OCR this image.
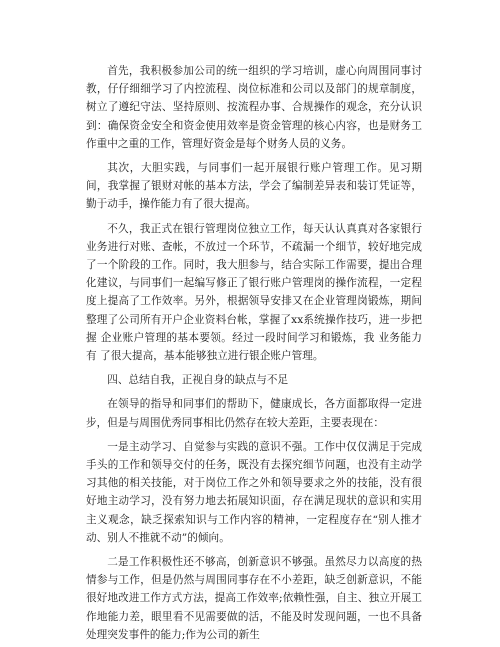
首先，我积极参加公司的统一组织的学习培训，虚心向周围同事讨教，仔仔细细学习了内控流程、岗位标准和公司以及部门的规章制度，树立了遵纪守法、坚持原则、按流程办事、合规操作的观念，充分认识到：确保资金安全和资金使用效率是资金管理的核心内容，也是财务工作重中之重的工作，管理好资金是每个财务人员的义务。

其次，大胆实践，与同事们一起开展银行账户管理工作。见习期间，我掌握了银财对帐的基本方法，学会了编制差异表和装订凭证等，勤于动手，操作能力有了很大提高。

不久，我正式在银行管理岗位独立工作，每天认认真真对各家银行业务进行对账、查帐，不放过一个环节，不疏漏一个细节，较好地完成了一个阶段的工作。同时，我大胆参与，结合实际工作需要，提出合理化建议，与同事们一起编写修正了银行账户管理岗的操作流程，一定程度上提高了工作效率。另外，根据领导安排又在企业管理岗锻炼，期间整理了公司所有开户企业资料台帐，掌握了xx系统操作技巧，进一步把握 企业账户管理的基本要领。经过一段时间学习和锻炼，我 业务能力有 了很大提高，基本能够独立进行银企账户管理。

四、总结自我，正视自身的缺点与不足

在领导的指导和同事们的帮助下，健康成长，各方面都取得一定进步，但是与周围优秀同事相比仍然存在较大差距，主要表现在：

一是主动学习、自觉参与实践的意识不强。工作中仅仅满足于完成手头的工作和领导交付的任务，既没有去探究细节问题，也没有主动学习其他的相关技能，对于岗位工作之外和领导要求之外的技能，没有很好地主动学习，没有努力地去拓展知识面，存在满足现状的意识和实用主义观念，缺乏探索知识与工作内容的精神，一定程度存在“别人推才动、别人不推就不动”的倾向。

二是工作积极性还不够高，创新意识不够强。虽然尽力以高度的热情参与工作，但是仍然与周围同事存在不小差距，缺乏创新意识，不能很好地改进工作方式方法，提高工作效率;依赖性强，自主、独立开展工作地能力差，眼里看不见需要做的活，不能及时发现问题，一也不具备处理突发事件的能力;作为公司的新生
